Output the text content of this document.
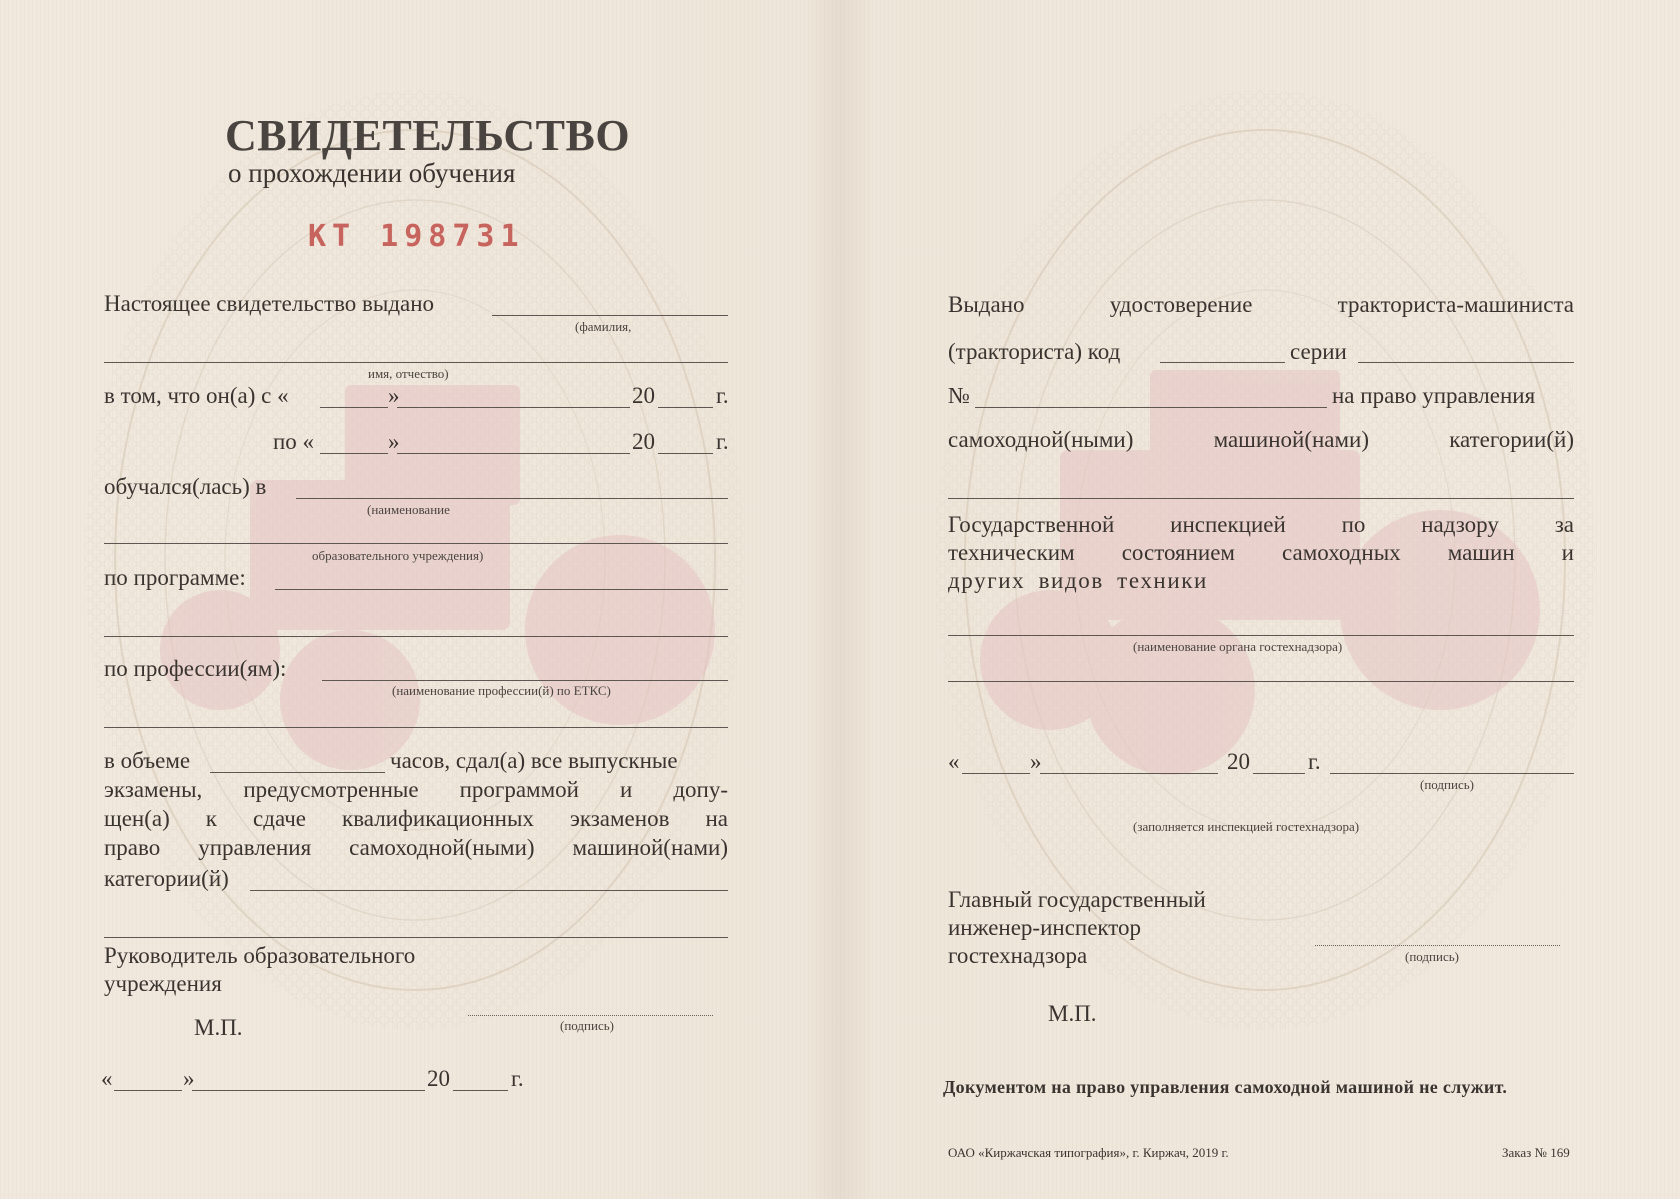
СВИДЕТЕЛЬСТВО
о прохождении обучения
КТ 198731
Настоящее свидетельство выдано
(фамилия,
имя, отчество)
в том, что он(а) с «	»	20	г.
по «	»	20	г.
обучался(лась) в
(наименование
образовательного учреждения)
по программе:
по профессии(ям):
(наименование профессии(й) по ЕТКС)
в объеме	часов, сдал(а) все выпускные
экзамены, предусмотренные программой и допу-
щен(а) к сдаче квалификационных экзаменов на
право управления самоходной(ными) машиной(нами)
категории(й)
Руководитель образовательного
учреждения
(подпись)
М.П.
«	»	20	г.
Выдано удостоверение тракториста-машиниста
(тракториста) код	серии
№	на право управления
самоходной(ными) машиной(нами) категории(й)
Государственной инспекцией по надзору за
техническим состоянием самоходных машин и
других видов техники
(наименование органа гостехнадзора)
«	»	20	г.
(подпись)
(заполняется инспекцией гостехнадзора)
Главный государственный
инженер-инспектор
гостехнадзора	(подпись)
М.П.
Документом на право управления самоходной машиной не служит.
ОАО «Киржачская типография», г. Киржач, 2019 г.	Заказ № 169
